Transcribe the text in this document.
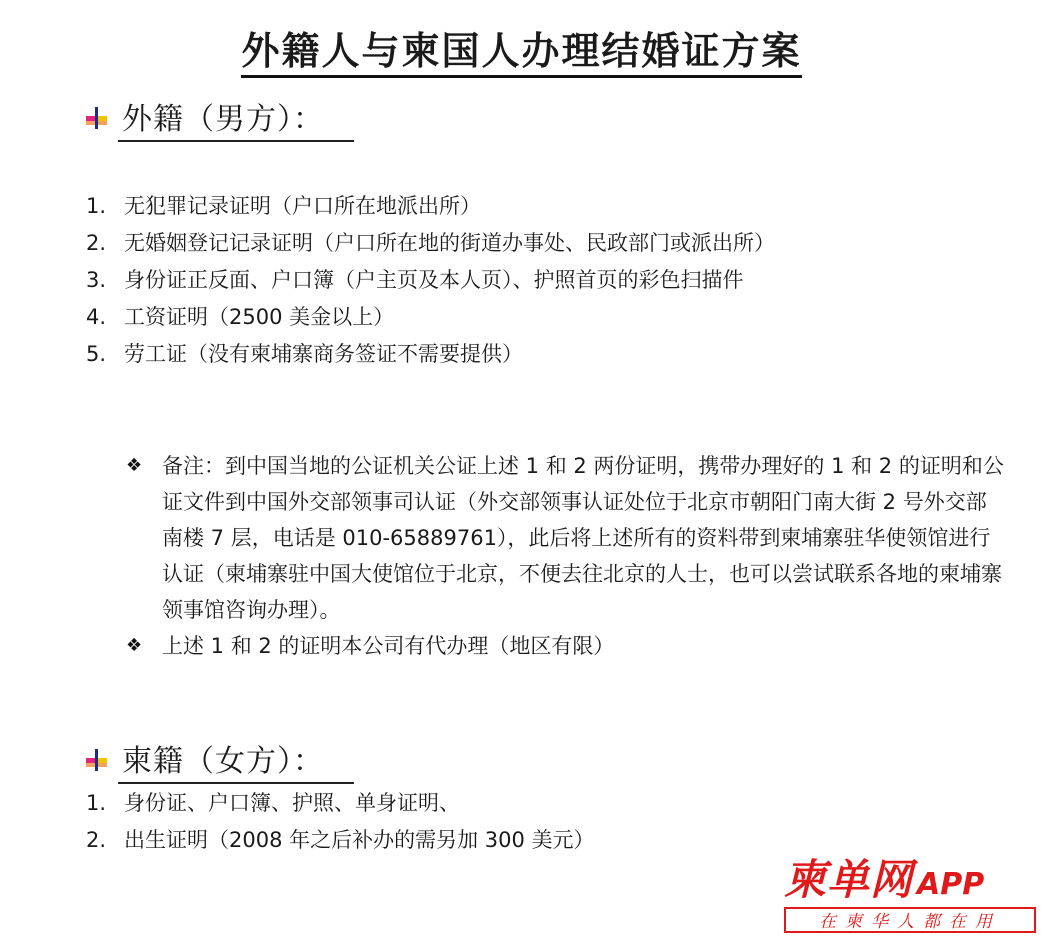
外籍人与柬国人办理结婚证方案
外籍（男方）：
1. 无犯罪记录证明（户口所在地派出所）
2. 无婚姻登记记录证明（户口所在地的街道办事处、民政部门或派出所）
3. 身份证正反面、户口簿（户主页及本人页）、护照首页的彩色扫描件
4. 工资证明（2500 美金以上）
5. 劳工证（没有柬埔寨商务签证不需要提供）
❖ 备注：到中国当地的公证机关公证上述 1 和 2 两份证明，携带办理好的 1 和 2 的证明和公证文件到中国外交部领事司认证（外交部领事认证处位于北京市朝阳门南大街 2 号外交部南楼 7 层，电话是 010-65889761），此后将上述所有的资料带到柬埔寨驻华使领馆进行认证（柬埔寨驻中国大使馆位于北京，不便去往北京的人士，也可以尝试联系各地的柬埔寨领事馆咨询办理）。
❖ 上述 1 和 2 的证明本公司有代办理（地区有限）
柬籍（女方）：
1. 身份证、户口簿、护照、单身证明、
2. 出生证明（2008 年之后补办的需另加 300 美元）
柬单网 APP
在柬华人都在用
